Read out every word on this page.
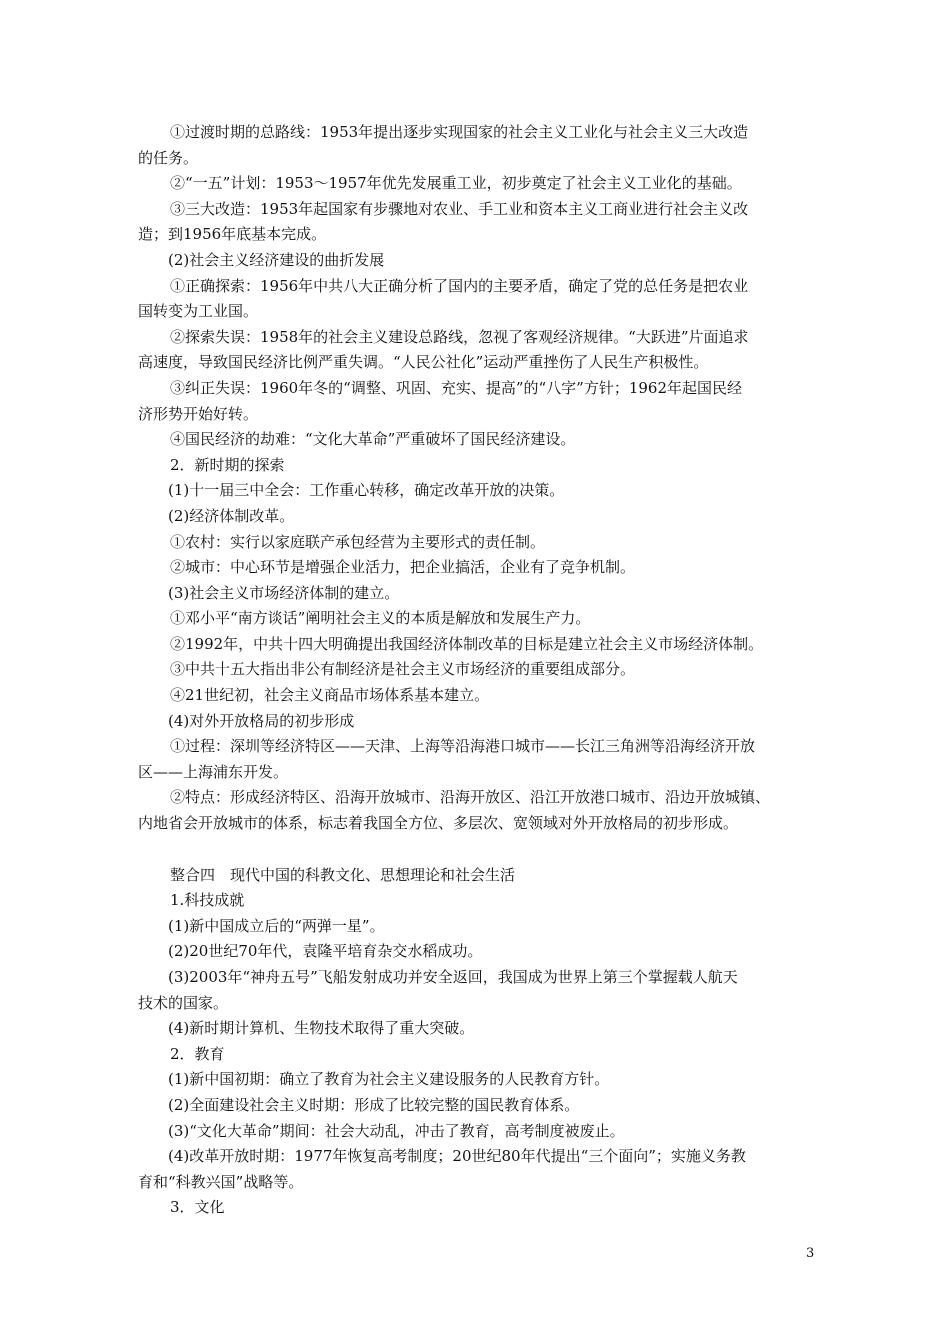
①过渡时期的总路线：1953年提出逐步实现国家的社会主义工业化与社会主义三大改造
的任务。
②“一五”计划：1953～1957年优先发展重工业，初步奠定了社会主义工业化的基础。
③三大改造：1953年起国家有步骤地对农业、手工业和资本主义工商业进行社会主义改
造；到1956年底基本完成。
(2)社会主义经济建设的曲折发展
①正确探索：1956年中共八大正确分析了国内的主要矛盾，确定了党的总任务是把农业
国转变为工业国。
②探索失误：1958年的社会主义建设总路线，忽视了客观经济规律。“大跃进”片面追求
高速度，导致国民经济比例严重失调。“人民公社化”运动严重挫伤了人民生产积极性。
③纠正失误：1960年冬的“调整、巩固、充实、提高”的“八字”方针；1962年起国民经
济形势开始好转。
④国民经济的劫难：“文化大革命”严重破坏了国民经济建设。
2．新时期的探索
(1)十一届三中全会：工作重心转移，确定改革开放的决策。
(2)经济体制改革。
①农村：实行以家庭联产承包经营为主要形式的责任制。
②城市：中心环节是增强企业活力，把企业搞活，企业有了竞争机制。
(3)社会主义市场经济体制的建立。
①邓小平“南方谈话”阐明社会主义的本质是解放和发展生产力。
②1992年，中共十四大明确提出我国经济体制改革的目标是建立社会主义市场经济体制。
③中共十五大指出非公有制经济是社会主义市场经济的重要组成部分。
④21世纪初，社会主义商品市场体系基本建立。
(4)对外开放格局的初步形成
①过程：深圳等经济特区——天津、上海等沿海港口城市——长江三角洲等沿海经济开放
区——上海浦东开发。
②特点：形成经济特区、沿海开放城市、沿海开放区、沿江开放港口城市、沿边开放城镇、
内地省会开放城市的体系，标志着我国全方位、多层次、宽领域对外开放格局的初步形成。
整合四　现代中国的科教文化、思想理论和社会生活
1.科技成就
(1)新中国成立后的“两弹一星”。
(2)20世纪70年代，袁隆平培育杂交水稻成功。
(3)2003年“神舟五号”飞船发射成功并安全返回，我国成为世界上第三个掌握载人航天
技术的国家。
(4)新时期计算机、生物技术取得了重大突破。
2．教育
(1)新中国初期：确立了教育为社会主义建设服务的人民教育方针。
(2)全面建设社会主义时期：形成了比较完整的国民教育体系。
(3)“文化大革命”期间：社会大动乱，冲击了教育，高考制度被废止。
(4)改革开放时期：1977年恢复高考制度；20世纪80年代提出“三个面向”；实施义务教
育和“科教兴国”战略等。
3．文化
3
